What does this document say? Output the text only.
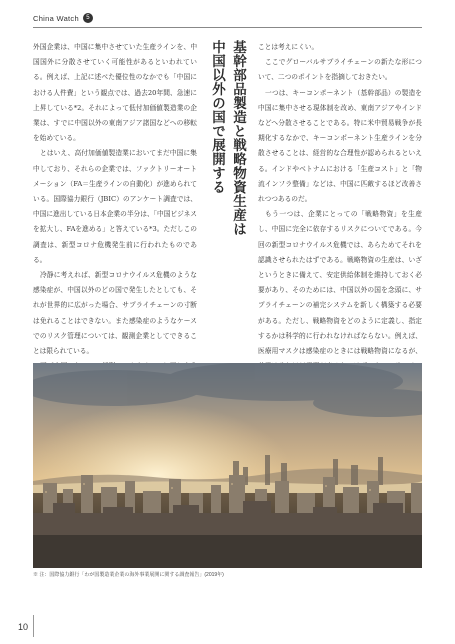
China Watch	5

外国企業は、中国に集中させていた生産ラインを、中国国外に分散させていく可能性があるといわれている。例えば、上記に述べた優位性のなかでも「中国における人件費」という観点では、過去20年間、急速に上昇している*2。それによって低付加価値製造業の企業は、すでに中国以外の東南アジア諸国などへの移転を始めている。

とはいえ、高付加価値製造業においてまだ中国に集中しており、それらの企業では、ファクトリーオートメーション（FA＝生産ラインの自動化）が進められている。国際協力銀行（JBIC）のアンケート調査では、中国に進出している日本企業の半分は、「中国ビジネスを拡大し、FAを進める」と答えている*3。ただしこの調査は、新型コロナ危機発生前に行われたものである。

冷静に考えれば、新型コロナウイルス危機のような感染症が、中国以外のどの国で発生したとしても、それが世界的に広がった場合、サプライチェーンの寸断は免れることはできない。また感染症のようなケースでのリスク管理については、観測企業としてできることは限られている。

基幹部品製造と戦略物資生産は
中国以外の国で展開する	ことは考えにくい。

ここでグローバルサプライチェーンの新たな形について、二つのポイントを指摘しておきたい。

一つは、キーコンポーネント（基幹部品）の製造を中国に集中させる現体制を改め、東南アジアやインドなどへ分散させることである。特に米中貿易戦争が長期化するなかで、キーコンポーネント生産ラインを分散させることは、経営的な合理性が認められるといえる。インドやベトナムにおける「生産コスト」と「物流インフラ整備」などは、中国に匹敵するほど改善されつつあるのだ。

もう一つは、企業にとっての「戦略物資」を生産し、中国に完全に依存するリスクについてである。今回の新型コロナウイルス危機では、あらためてそれを認識させられたはずである。戦略物資の生産は、いざというときに備えて、安定供給体制を維持しておく必要があり、そのためには、中国以外の国を念頭に、サプライチェーンの補完システムを新しく構築する必要がある。ただし、戦略物資をどのように定義し、指定するかは科学的に行われなければならない。例えば、医療用マスクは感染症のときには戦略物資になるが、

※ 注：国際協力銀行「わが国製造業企業の海外事業展開に関する調査報告」(2019年)
10
